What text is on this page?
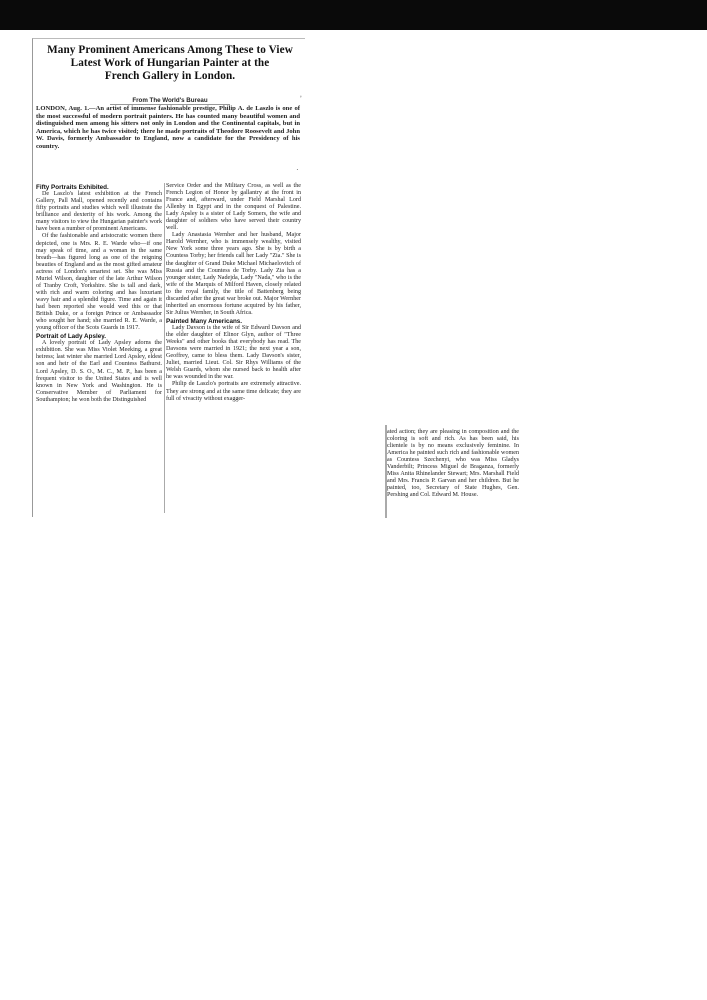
Many Prominent Americans Among These to View
Latest Work of Hungarian Painter at the
French Gallery in London.
From The World's Bureau
LONDON, Aug. 1.—An artist of immense fashionable prestige, Philip A. de Laszlo is one of the most successful of modern portrait painters. He has counted many beautiful women and distinguished men among his sitters not only in London and the Continental capitals, but in America, which he has twice visited; there he made portraits of Theodore Roosevelt and John W. Davis, formerly Ambassador to England, now a candidate for the Presidency of his country.
Fifty Portraits Exhibited.

De Laszlo's latest exhibition at the French Gallery, Pall Mall, opened recently and contains fifty portraits and studies which well illustrate the brilliance and dexterity of his work. Among the many visitors to view the Hungarian painter's work have been a number of prominent Americans.

Of the fashionable and aristocratic women there depicted, one is Mrs. R. E. Warde who—if one may speak of time, and a woman in the same breath—has figured long as one of the reigning beauties of England and as the most gifted amateur actress of London's smartest set. She was Miss Muriel Wilson, daughter of the late Arthur Wilson of Tranby Croft, Yorkshire. She is tall and dark, with rich and warm coloring and has luxuriant wavy hair and a splendid figure. Time and again it had been reported she would wed this or that British Duke, or a foreign Prince or Ambassador who sought her hand; she married R. E. Warde, a young officer of the Scots Guards in 1917.

Portrait of Lady Apsley.

A lovely portrait of Lady Apsley adorns the exhibition. She was Miss Violet Meeking, a great heiress; last winter she married Lord Apsley, eldest son and heir of the Earl and Countess Bathurst. Lord Apsley, D. S. O., M. C., M. P., has been a frequent visitor to the United States and is well known in New York and Washington. He is Conservative Member of Parliament for Southampton; he won both the Distinguished

Service Order and the Military Cross, as well as the French Legion of Honor by gallantry at the front in France and, afterward, under Field Marshal Lord Allenby in Egypt and in the conquest of Palestine. Lady Apsley is a sister of Lady Somers, the wife and daughter of soldiers who have served their country well.

Lady Anastasia Wernher and her husband, Major Harold Wernher, who is immensely wealthy, visited New York some three years ago. She is by birth a Countess Torby; her friends call her Lady "Zia." She is the daughter of Grand Duke Michael Michaelovitch of Russia and the Countess de Torby. Lady Zia has a younger sister, Lady Nadejda, Lady "Nada," who is the wife of the Marquis of Milford Haven, closely related to the royal family, the title of Battenberg being discarded after the great war broke out. Major Wernher inherited an enormous fortune acquired by his father, Sir Julius Wernher, in South Africa.

Painted Many Americans.

Lady Davson is the wife of Sir Edward Davson and the elder daughter of Elinor Glyn, author of "Three Weeks" and other books that everybody has read. The Davsons were married in 1921; the next year a son, Geoffrey, came to bless them. Lady Davson's sister, Juliet, married Lieut. Col. Sir Rhys Williams of the Welsh Guards, whom she nursed back to health after he was wounded in the war.

Philip de Laszlo's portraits are extremely attractive. They are strong and at the same time delicate; they are full of vivacity without exagger-

ated action; they are pleasing in composition and the coloring is soft and rich. As has been said, his clientele is by no means exclusively feminine. In America he painted such rich and fashionable women as Countess Szechenyi, who was Miss Gladys Vanderbilt; Princess Miguel de Braganza, formerly Miss Anita Rhinelander Stewart; Mrs. Marshall Field and Mrs. Francis P. Garvan and her children. But he painted, too, Secretary of State Hughes, Gen. Pershing and Col. Edward M. House.

ʼ
·
